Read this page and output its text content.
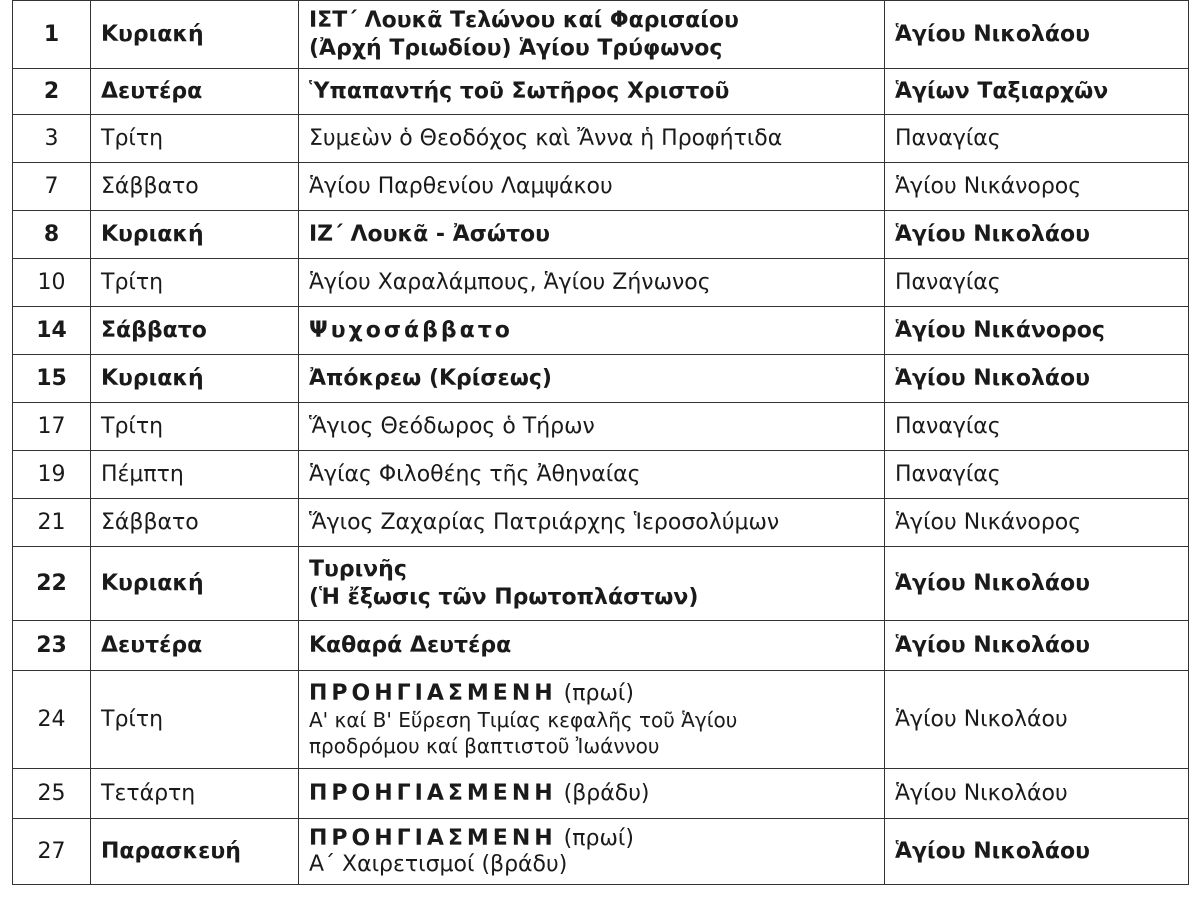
1	Κυριακή	ΙΣΤ΄ Λουκᾶ Τελώνου καί Φαρισαίου
(Ἀρχή Τριωδίου) Ἁγίου Τρύφωνος	Ἁγίου Νικολάου
2	Δευτέρα	Ὑπαπαντής τοῦ Σωτῆρος Χριστοῦ	Ἁγίων Ταξιαρχῶν
3	Τρίτη	Συμεὼν ὁ Θεοδόχος καὶ Ἄννα ἡ Προφήτιδα	Παναγίας
7	Σάββατο	Ἁγίου Παρθενίου Λαμψάκου	Ἁγίου Νικάνορος
8	Κυριακή	ΙΖ΄ Λουκᾶ - Ἀσώτου	Ἁγίου Νικολάου
10	Τρίτη	Ἁγίου Χαραλάμπους, Ἁγίου Ζήνωνος	Παναγίας
14	Σάββατο	Ψυχοσάββατο	Ἁγίου Νικάνορος
15	Κυριακή	Ἀπόκρεω (Κρίσεως)	Ἁγίου Νικολάου
17	Τρίτη	Ἅγιος Θεόδωρος ὁ Τήρων	Παναγίας
19	Πέμπτη	Ἁγίας Φιλοθέης τῆς Ἀθηναίας	Παναγίας
21	Σάββατο	Ἅγιος Ζαχαρίας Πατριάρχης Ἱεροσολύμων	Ἁγίου Νικάνορος
22	Κυριακή	Τυρινῆς
(Ἡ ἔξωσις τῶν Πρωτοπλάστων)	Ἁγίου Νικολάου
23	Δευτέρα	Καθαρά Δευτέρα	Ἁγίου Νικολάου
24	Τρίτη	ΠΡΟΗΓΙΑΣΜΕΝΗ (πρωί)
Α' καί Β' Εὕρεση Τιμίας κεφαλῆς τοῦ Ἁγίου
προδρόμου καί βαπτιστοῦ Ἰωάννου	Ἁγίου Νικολάου
25	Τετάρτη	ΠΡΟΗΓΙΑΣΜΕΝΗ (βράδυ)	Ἁγίου Νικολάου
27	Παρασκευή	ΠΡΟΗΓΙΑΣΜΕΝΗ (πρωί)
Α΄ Χαιρετισμοί (βράδυ)	Ἁγίου Νικολάου
